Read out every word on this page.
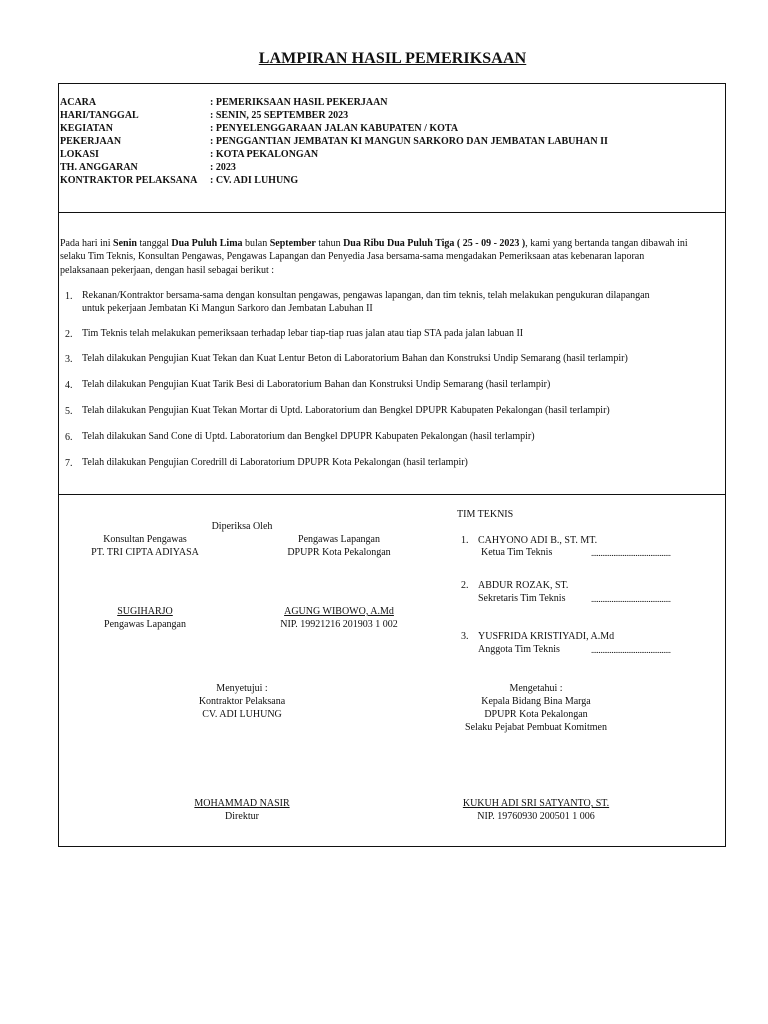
LAMPIRAN HASIL PEMERIKSAAN
ACARA	: PEMERIKSAAN HASIL PEKERJAAN
HARI/TANGGAL	: SENIN, 25 SEPTEMBER 2023
KEGIATAN	: PENYELENGGARAAN JALAN KABUPATEN / KOTA
PEKERJAAN	: PENGGANTIAN JEMBATAN KI MANGUN SARKORO DAN JEMBATAN LABUHAN II
LOKASI	: KOTA PEKALONGAN
TH. ANGGARAN	: 2023
KONTRAKTOR PELAKSANA : CV. ADI LUHUNG
Pada hari ini Senin tanggal Dua Puluh Lima bulan September tahun Dua Ribu Dua Puluh Tiga ( 25 - 09 - 2023 ), kami yang bertanda tangan dibawah ini selaku Tim Teknis, Konsultan Pengawas, Pengawas Lapangan dan Penyedia Jasa bersama-sama mengadakan Pemeriksaan atas kebenaran laporan pelaksanaan pekerjaan, dengan hasil sebagai berikut :
1. Rekanan/Kontraktor bersama-sama dengan konsultan pengawas, pengawas lapangan, dan tim teknis, telah melakukan pengukuran dilapangan untuk pekerjaan Jembatan Ki Mangun Sarkoro dan Jembatan Labuhan II
2. Tim Teknis telah melakukan pemeriksaan terhadap lebar tiap-tiap ruas jalan atau tiap STA pada jalan labuan II
3. Telah dilakukan Pengujian Kuat Tekan dan Kuat Lentur Beton di Laboratorium Bahan dan Konstruksi Undip Semarang (hasil terlampir)
4. Telah dilakukan Pengujian Kuat Tarik Besi di Laboratorium Bahan dan Konstruksi Undip Semarang (hasil terlampir)
5. Telah dilakukan Pengujian Kuat Tekan Mortar di Uptd. Laboratorium dan Bengkel DPUPR Kabupaten Pekalongan (hasil terlampir)
6. Telah dilakukan Sand Cone di Uptd. Laboratorium dan Bengkel DPUPR Kabupaten Pekalongan (hasil terlampir)
7. Telah dilakukan Pengujian Coredrill di Laboratorium DPUPR Kota Pekalongan (hasil terlampir)
Diperiksa Oleh
Konsultan Pengawas
PT. TRI CIPTA ADIYASA
SUGIHARJO
Pengawas Lapangan
Pengawas Lapangan
DPUPR Kota Pekalongan
AGUNG WIBOWO, A.Md
NIP. 19921216 201903 1 002
TIM TEKNIS
1. CAHYONO ADI B., ST. MT.
Ketua Tim Teknis	...........................................
2. ABDUR ROZAK, ST.
Sekretaris Tim Teknis	...........................................
3. YUSFRIDA KRISTIYADI, A.Md
Anggota Tim Teknis	...........................................
Menyetujui :
Kontraktor Pelaksana
CV. ADI LUHUNG
MOHAMMAD NASIR
Direktur
Mengetahui :
Kepala Bidang Bina Marga
DPUPR Kota Pekalongan
Selaku Pejabat Pembuat Komitmen
KUKUH ADI SRI SATYANTO, ST.
NIP. 19760930 200501 1 006
